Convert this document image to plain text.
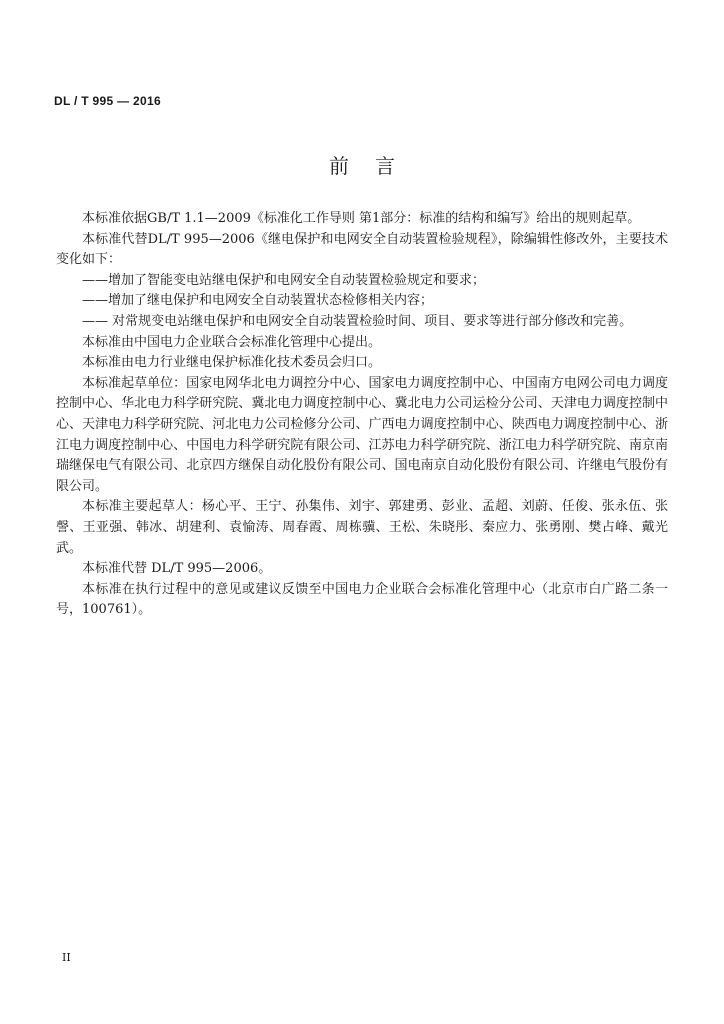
DL / T 995 — 2016
前言

本标准依据GB/T 1.1—2009《标准化工作导则 第1部分：标准的结构和编写》给出的规则起草。

本标准代替DL/T 995—2006《继电保护和电网安全自动装置检验规程》，除编辑性修改外，主要技术变化如下：

——增加了智能变电站继电保护和电网安全自动装置检验规定和要求；

——增加了继电保护和电网安全自动装置状态检修相关内容；

—— 对常规变电站继电保护和电网安全自动装置检验时间、项目、要求等进行部分修改和完善。

本标准由中国电力企业联合会标准化管理中心提出。

本标准由电力行业继电保护标准化技术委员会归口。

本标准起草单位：国家电网华北电力调控分中心、国家电力调度控制中心、中国南方电网公司电力调度控制中心、华北电力科学研究院、冀北电力调度控制中心、冀北电力公司运检分公司、天津电力调度控制中心、天津电力科学研究院、河北电力公司检修分公司、广西电力调度控制中心、陕西电力调度控制中心、浙江电力调度控制中心、中国电力科学研究院有限公司、江苏电力科学研究院、浙江电力科学研究院、南京南瑞继保电气有限公司、北京四方继保自动化股份有限公司、国电南京自动化股份有限公司、许继电气股份有限公司。

本标准主要起草人：杨心平、王宁、孙集伟、刘宇、郭建勇、彭业、孟超、刘蔚、任俊、张永伍、张謦、王亚强、韩冰、胡建利、袁愉涛、周春霞、周栋骥、王松、朱晓彤、秦应力、张勇刚、樊占峰、戴光武。

本标准代替 DL/T 995—2006。

本标准在执行过程中的意见或建议反馈至中国电力企业联合会标准化管理中心（北京市白广路二条一号，100761）。

II
